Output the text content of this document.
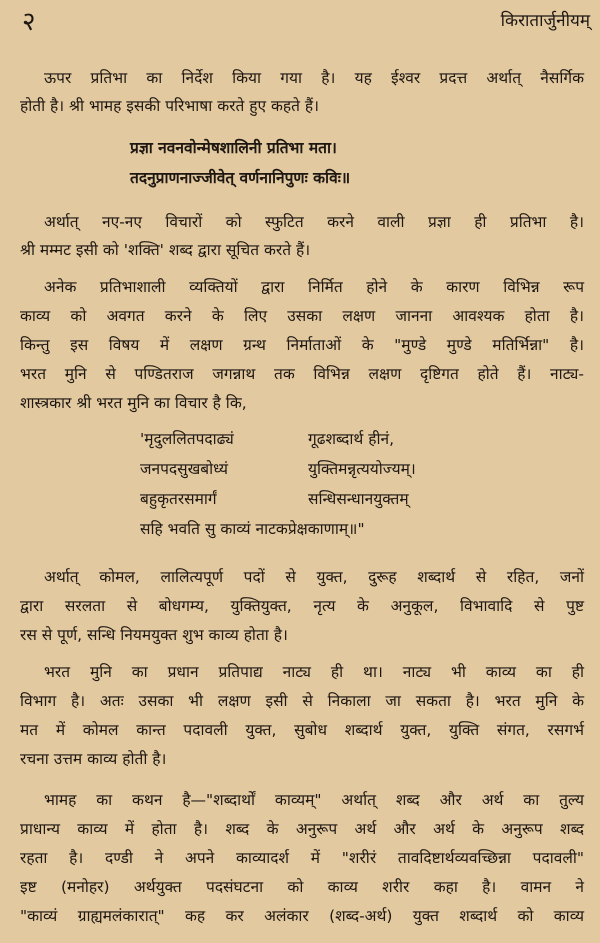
२	किरातार्जुनीयम्
ऊपर प्रतिभा का निर्देश किया गया है। यह ईश्वर प्रदत्त अर्थात् नैसर्गिक
होती है। श्री भामह इसकी परिभाषा करते हुए कहते हैं।
प्रज्ञा नवनवोन्मेषशालिनी प्रतिभा मता।
तदनुप्राणनाज्जीवेत् वर्णनानिपुणः कविः॥
अर्थात् नए-नए विचारों को स्फुटित करने वाली प्रज्ञा ही प्रतिभा है।
श्री मम्मट इसी को 'शक्ति' शब्द द्वारा सूचित करते हैं।
अनेक प्रतिभाशाली व्यक्तियों द्वारा निर्मित होने के कारण विभिन्न रूप
काव्य को अवगत करने के लिए उसका लक्षण जानना आवश्यक होता है।
किन्तु इस विषय में लक्षण ग्रन्थ निर्माताओं के "मुण्डे मुण्डे मतिर्भिन्ना" है।
भरत मुनि से पण्डितराज जगन्नाथ तक विभिन्न लक्षण दृष्टिगत होते हैं। नाट्य-
शास्त्रकार श्री भरत मुनि का विचार है कि,
'मृदुललितपदाढ्यं	गूढशब्दार्थ हीनं,
जनपदसुखबोध्यं	युक्तिमन्नृत्ययोज्यम्।
बहुकृतरसमार्गं	सन्धिसन्धानयुक्तम्
सहि भवति सु काव्यं नाटकप्रेक्षकाणाम्॥"
अर्थात् कोमल, लालित्यपूर्ण पदों से युक्त, दुरूह शब्दार्थ से रहित, जनों
द्वारा सरलता से बोधगम्य, युक्तियुक्त, नृत्य के अनुकूल, विभावादि से पुष्ट
रस से पूर्ण, सन्धि नियमयुक्त शुभ काव्य होता है।
भरत मुनि का प्रधान प्रतिपाद्य नाट्य ही था। नाट्य भी काव्य का ही
विभाग है। अतः उसका भी लक्षण इसी से निकाला जा सकता है। भरत मुनि के
मत में कोमल कान्त पदावली युक्त, सुबोध शब्दार्थ युक्त, युक्ति संगत, रसगर्भ
रचना उत्तम काव्य होती है।
भामह का कथन है—"शब्दार्थों काव्यम्" अर्थात् शब्द और अर्थ का तुल्य
प्राधान्य काव्य में होता है। शब्द के अनुरूप अर्थ और अर्थ के अनुरूप शब्द
रहता है। दण्डी ने अपने काव्यादर्श में "शरीरं तावदिष्टार्थव्यवच्छिन्ना पदावली"
इष्ट (मनोहर) अर्थयुक्त पदसंघटना को काव्य शरीर कहा है। वामन ने
"काव्यं ग्राह्यमलंकारात्" कह कर अलंकार (शब्द-अर्थ) युक्त शब्दार्थ को काव्य
